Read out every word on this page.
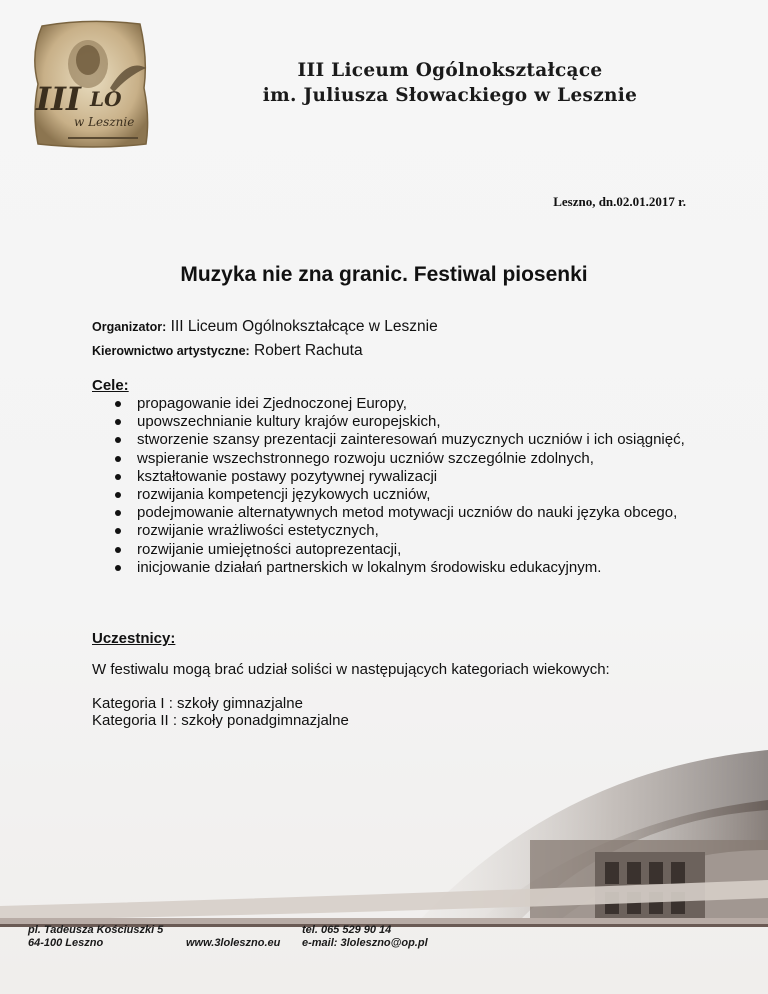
III LO
w Lesznie
III Liceum Ogólnokształcące
im. Juliusza Słowackiego w Lesznie
Leszno, dn.02.01.2017 r.
Muzyka nie zna granic. Festiwal piosenki
Organizator: III Liceum Ogólnokształcące w Lesznie
Kierownictwo artystyczne: Robert Rachuta
Cele:
propagowanie idei Zjednoczonej Europy,
upowszechnianie kultury krajów europejskich,
stworzenie szansy prezentacji zainteresowań muzycznych uczniów i ich osiągnięć,
wspieranie wszechstronnego rozwoju uczniów szczególnie zdolnych,
kształtowanie postawy pozytywnej rywalizacji
rozwijania kompetencji językowych uczniów,
podejmowanie alternatywnych metod motywacji uczniów do nauki języka obcego,
rozwijanie wrażliwości estetycznych,
rozwijanie umiejętności autoprezentacji,
inicjowanie działań partnerskich w lokalnym środowisku edukacyjnym.
Uczestnicy:
W festiwalu mogą brać udział soliści w następujących kategoriach wiekowych:
Kategoria I : szkoły gimnazjalne
Kategoria II : szkoły ponadgimnazjalne
pl. Tadeusza Kościuszki 5
64-100 Leszno	www.3loleszno.eu
tel. 065 529 90 14
e-mail: 3loleszno@op.pl
